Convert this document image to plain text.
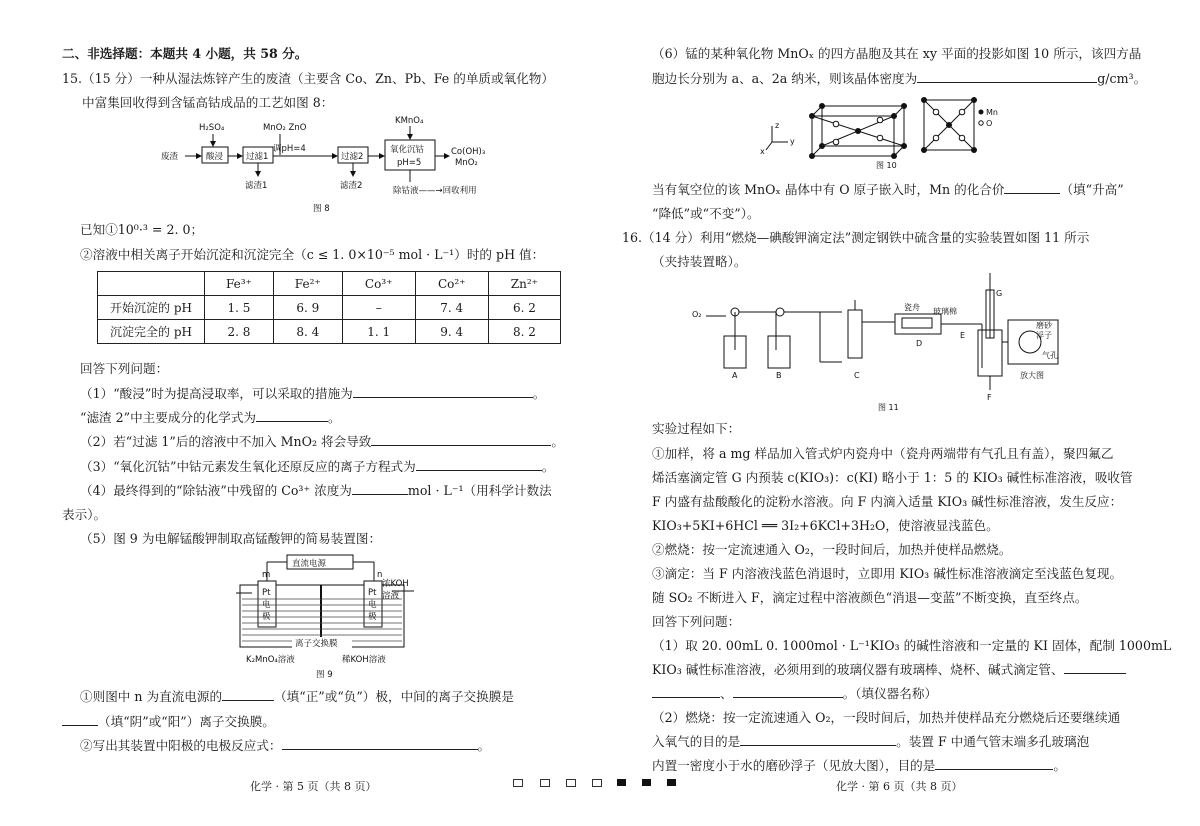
二、非选择题：本题共 4 小题，共 58 分。
15.（15 分）一种从湿法炼锌产生的废渣（主要含 Co、Zn、Pb、Fe 的单质或氧化物）
中富集回收得到含锰高钴成品的工艺如图 8：
废渣
H₂SO₄	MnO₂ ZnO
调pH=4
KMnO₄
酸浸	过滤1
滤渣1
过滤2
滤渣2
氧化沉钴
pH=5
Co(OH)₃
MnO₂
除钴液——→回收利用
图 8
已知①10⁰·³ = 2. 0；
②溶液中相关离子开始沉淀和沉淀完全（c ≤ 1. 0×10⁻⁵ mol · L⁻¹）时的 pH 值：
	Fe³⁺	Fe²⁺	Co³⁺	Co²⁺	Zn²⁺
开始沉淀的 pH	1. 5	6. 9	–	7. 4	6. 2
沉淀完全的 pH	2. 8	8. 4	1. 1	9. 4	8. 2
回答下列问题：
（1）“酸浸”时为提高浸取率，可以采取的措施为	。
“滤渣 2”中主要成分的化学式为	。
（2）若“过滤 1”后的溶液中不加入 MnO₂ 将会导致	。
（3）“氧化沉钴”中钴元素发生氧化还原反应的离子方程式为	。
（4）最终得到的“除钴液”中残留的 Co³⁺ 浓度为	mol · L⁻¹（用科学计数法
表示）。
（5）图 9 为电解锰酸钾制取高锰酸钾的简易装置图：
直流电源
m	n
Pt
电
极
Pt
电
极
浓KOH
溶液
离子交换膜
K₂MnO₄溶液	稀KOH溶液
图 9
①则图中 n 为直流电源的	（填“正”或“负”）极，中间的离子交换膜是
（填“阴”或“阳”）离子交换膜。
②写出其装置中阳极的电极反应式：	。
化学 · 第 5 页（共 8 页）
（6）锰的某种氧化物 MnOₓ 的四方晶胞及其在 xy 平面的投影如图 10 所示，该四方晶
胞边长分别为 a、a、2a 纳米，则该晶体密度为	g/cm³。
z
y
x
Mn
O
图 10
当有氧空位的该 MnOₓ 晶体中有 O 原子嵌入时，Mn 的化合价	（填“升高”
“降低”或“不变”）。
16.（14 分）利用“燃烧—碘酸钾滴定法”测定钢铁中硫含量的实验装置如图 11 所示
（夹持装置略）。
O₂
瓷舟 玻璃棉
A	B	C
D
E
F
G
磨砂
浮子
气孔
放大图
图 11
实验过程如下：
①加样，将 a mg 样品加入管式炉内瓷舟中（瓷舟两端带有气孔且有盖），聚四氟乙
烯活塞滴定管 G 内预装 c(KIO₃)：c(KI) 略小于 1：5 的 KIO₃ 碱性标准溶液，吸收管
F 内盛有盐酸酸化的淀粉水溶液。向 F 内滴入适量 KIO₃ 碱性标准溶液，发生反应：
KIO₃+5KI+6HCl ══ 3I₂+6KCl+3H₂O，使溶液显浅蓝色。
②燃烧：按一定流速通入 O₂，一段时间后，加热并使样品燃烧。
③滴定：当 F 内溶液浅蓝色消退时，立即用 KIO₃ 碱性标准溶液滴定至浅蓝色复现。
随 SO₂ 不断进入 F，滴定过程中溶液颜色“消退—变蓝”不断变换，直至终点。
回答下列问题：
（1）取 20. 00mL 0. 1000mol · L⁻¹KIO₃ 的碱性溶液和一定量的 KI 固体，配制 1000mL
KIO₃ 碱性标准溶液，必须用到的玻璃仪器有玻璃棒、烧杯、碱式滴定管、
、	。（填仪器名称）
（2）燃烧：按一定流速通入 O₂，一段时间后，加热并使样品充分燃烧后还要继续通
入氧气的目的是	。装置 F 中通气管末端多孔玻璃泡
内置一密度小于水的磨砂浮子（见放大图），目的是	。
化学 · 第 6 页（共 8 页）
